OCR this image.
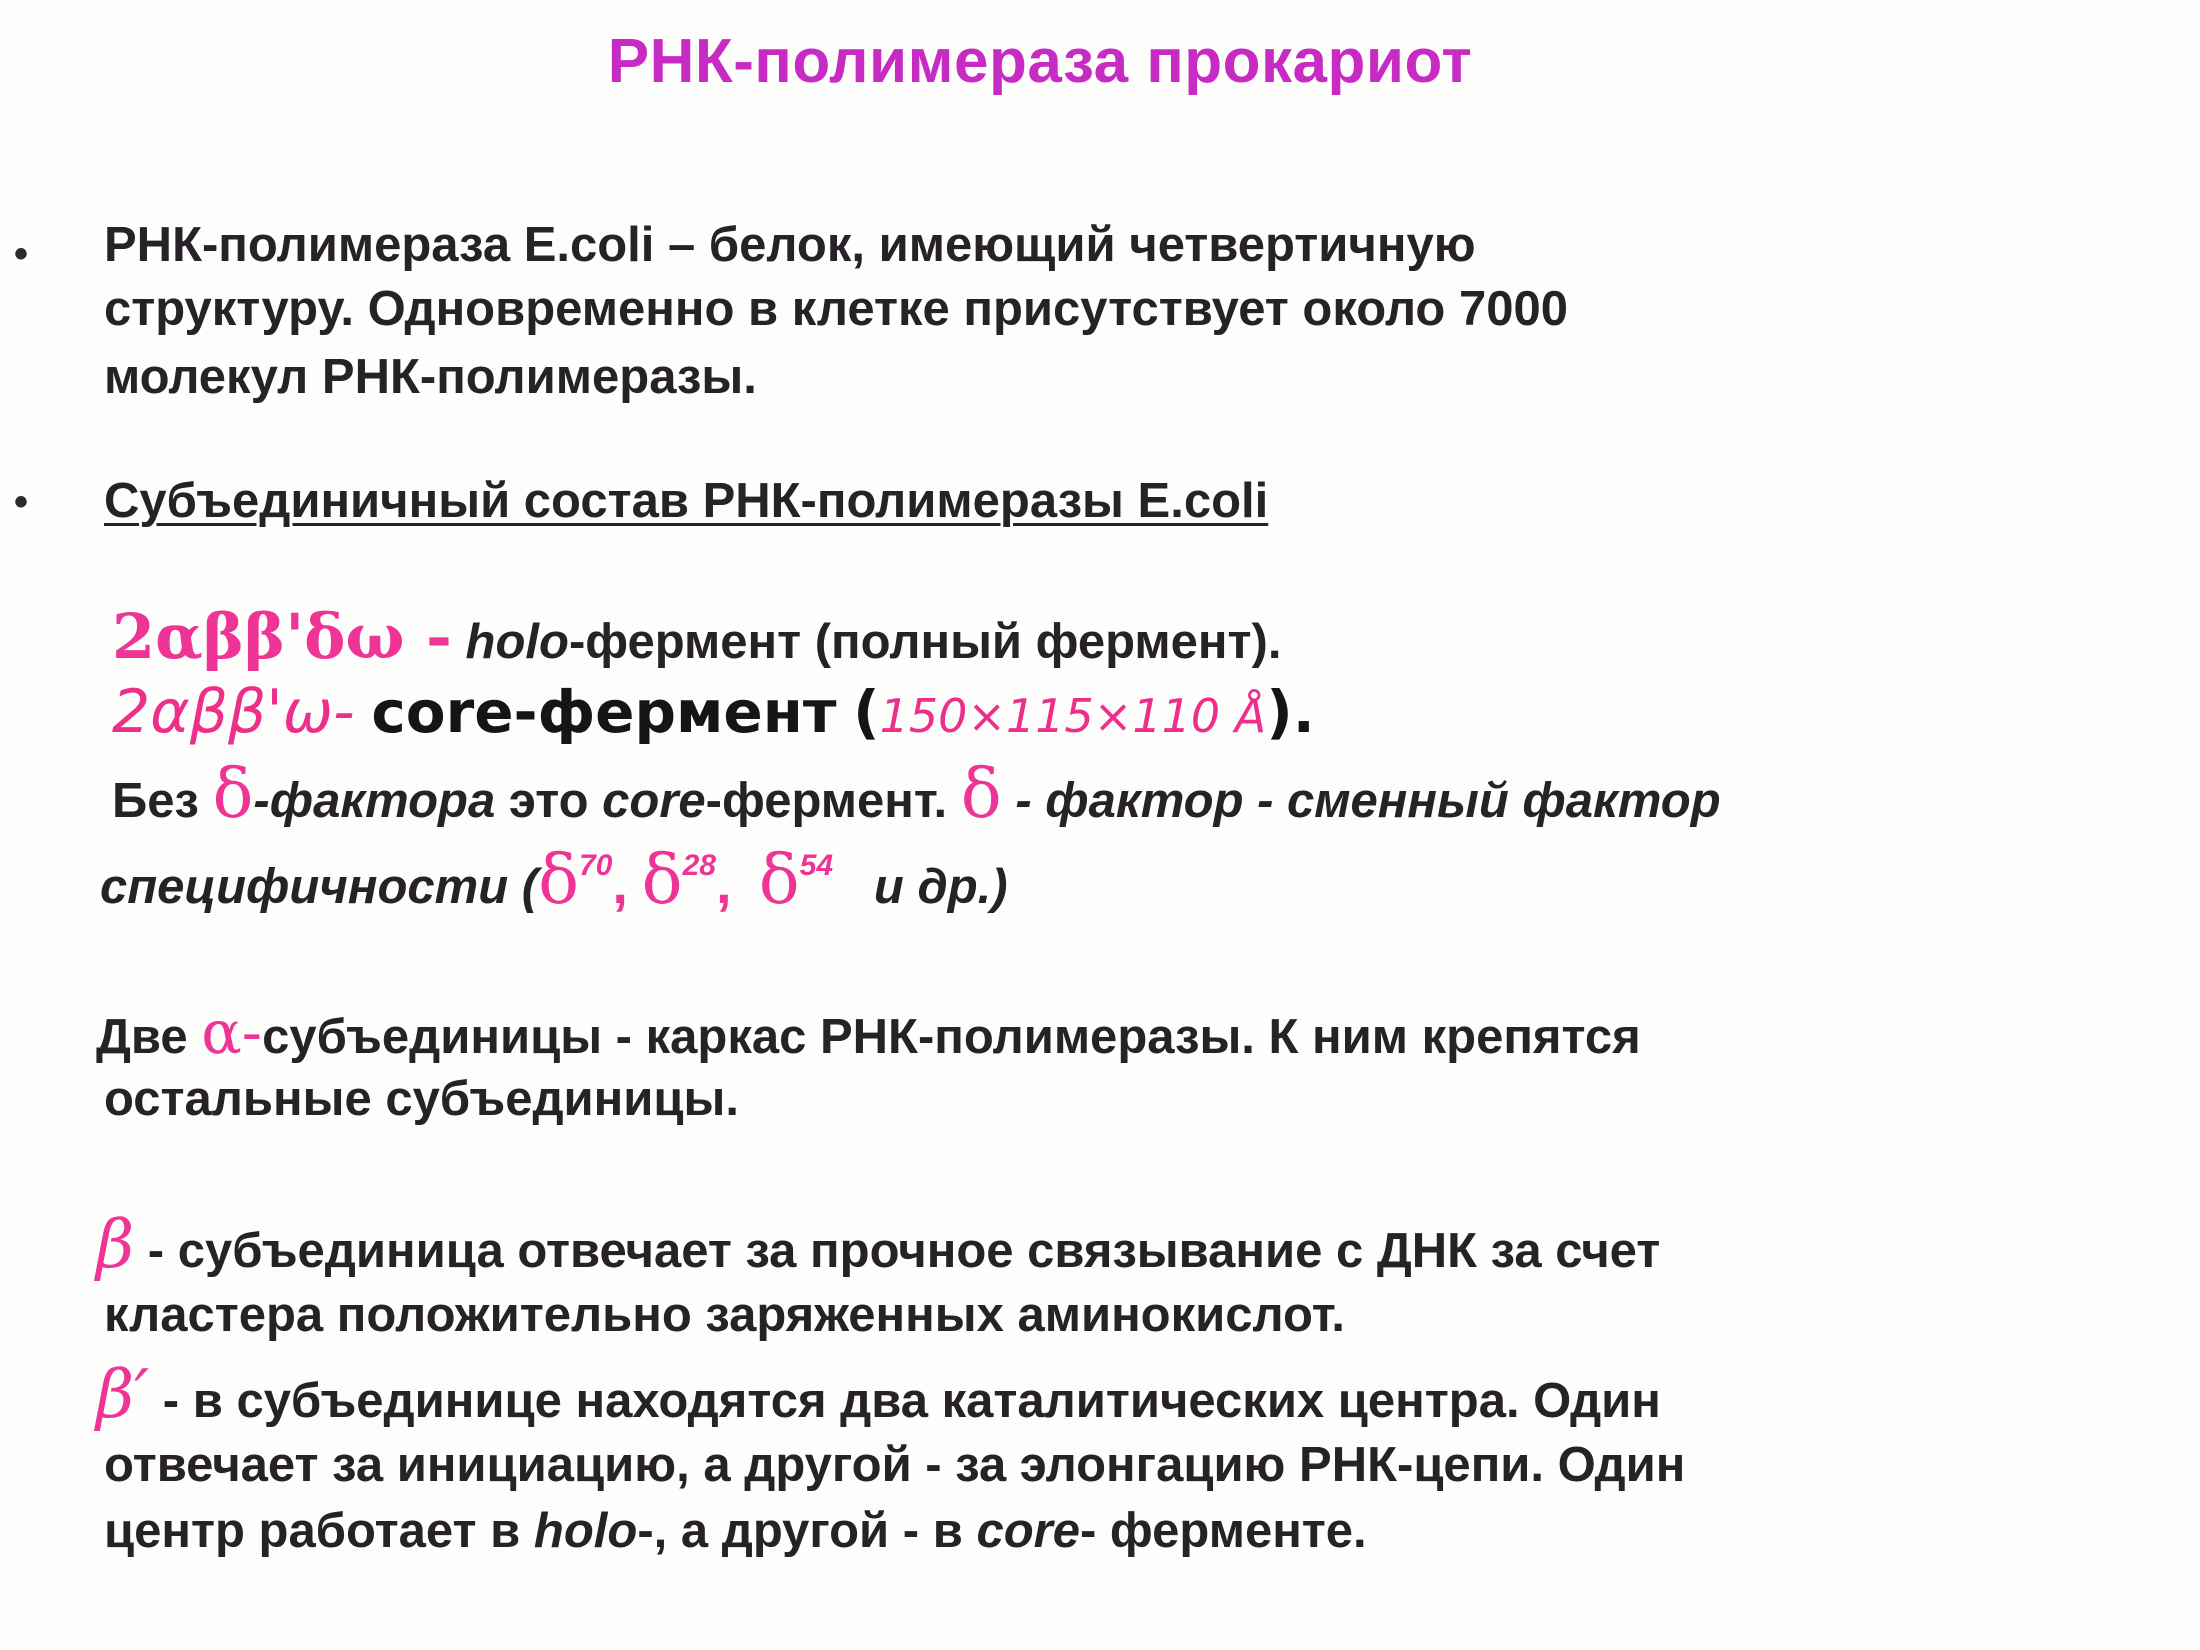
РНК-полимераза прокариот
• РНК-полимераза E.coli – белок, имеющий четвертичную
структуру. Одновременно в клетке присутствует около 7000
молекул РНК-полимеразы.
• Субъединичный состав РНК-полимеразы E.coli
2αββ'δω - holo-фермент (полный фермент).
2αββ'ω- core-фермент (150×115×110 Å).
Без δ-фактора это core-фермент. δ - фактор - сменный фактор
специфичности ($\delta^{70}$, $\delta^{28}$, $\delta^{54}$ и др.)
Две α-субъединицы - каркас РНК-полимеразы. К ним крепятся
остальные субъединицы.
β - субъединица отвечает за прочное связывание с ДНК за счет
кластера положительно заряженных аминокислот.
β′ - в субъединице находятся два каталитических центра. Один
отвечает за инициацию, а другой - за элонгацию РНК-цепи. Один
центр работает в holo-, а другой - в core- ферменте.
